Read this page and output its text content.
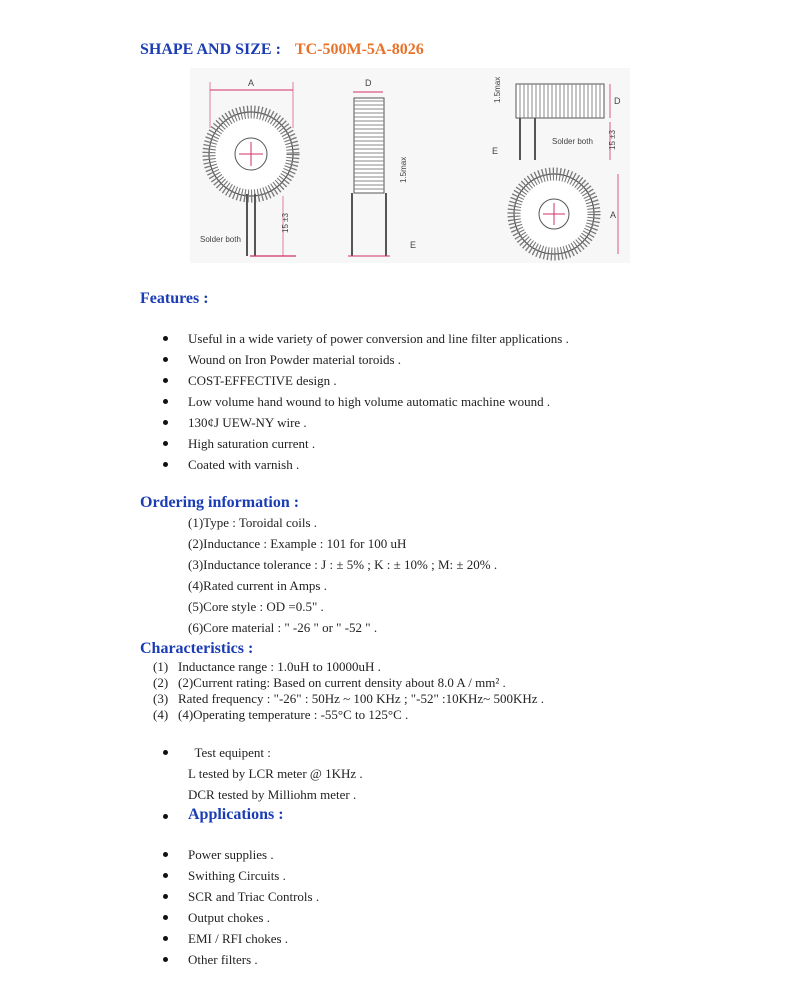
SHAPE AND SIZE : TC-500M-5A-8026
A
15 ±3
Solder both
D
1.5max
E
1.5max	D
E
Solder both 15 ±3
A
Features :
Useful in a wide variety of power conversion and line filter applications .
Wound on Iron Powder material toroids .
COST-EFFECTIVE design .
Low volume hand wound to high volume automatic machine wound .
130¢J UEW-NY wire .
High saturation current .
Coated with varnish .
Ordering information :
(1)Type : Toroidal coils .
(2)Inductance : Example : 101 for 100 uH
(3)Inductance tolerance : J : ± 5% ; K : ± 10% ; M: ± 20% .
(4)Rated current in Amps .
(5)Core style : OD =0.5" .
(6)Core material : " -26 " or " -52 " .
Characteristics :
(1) Inductance range : 1.0uH to 10000uH .
(2) (2)Current rating: Based on current density about 8.0 A / mm² .
(3) Rated frequency : "-26" : 50Hz ~ 100 KHz ; "-52" :10KHz~ 500KHz .
(4) (4)Operating temperature : -55°C to 125°C .
Test equipent :
L tested by LCR meter @ 1KHz .
DCR tested by Milliohm meter .
Applications :
Power supplies .
Swithing Circuits .
SCR and Triac Controls .
Output chokes .
EMI / RFI chokes .
Other filters .
